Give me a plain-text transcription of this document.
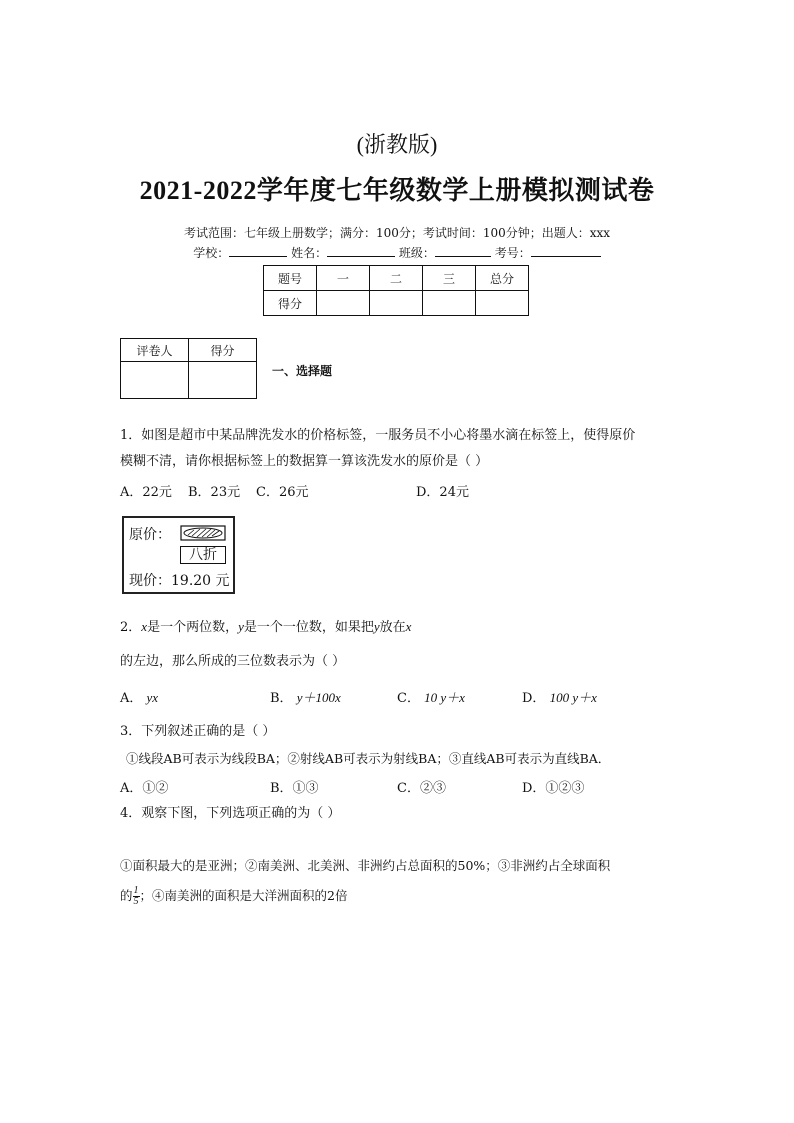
(浙教版)
2021-2022学年度七年级数学上册模拟测试卷
考试范围：七年级上册数学；满分：100分；考试时间：100分钟；出题人：xxx
学校：	姓名：	班级：	考号：
题号	一	二	三	总分
得分				
评卷人	得分

一、选择题
1．如图是超市中某品牌洗发水的价格标签，一服务员不小心将墨水滴在标签上，使得原价
模糊不清，请你根据标签上的数据算一算该洗发水的原价是（ ）
A．22元 B．23元 C．26元	D．24元
原价：
八折
现价：19.20 元
2．x是一个两位数，y是一个一位数，如果把y放在x
的左边，那么所成的三位数表示为（ ）
A． yx	B． y＋100x	C． 10 y＋x	D． 100 y＋x
3．下列叙述正确的是（ ）
①线段AB可表示为线段BA；②射线AB可表示为射线BA；③直线AB可表示为直线BA．
A．①②	B．①③	C．②③	D．①②③
4．观察下图，下列选项正确的为（ ）
①面积最大的是亚洲；②南美洲、北美洲、非洲约占总面积的50%；③非洲约占全球面积
的 $\frac{1}{5}$ ；④南美洲的面积是大洋洲面积的2倍
